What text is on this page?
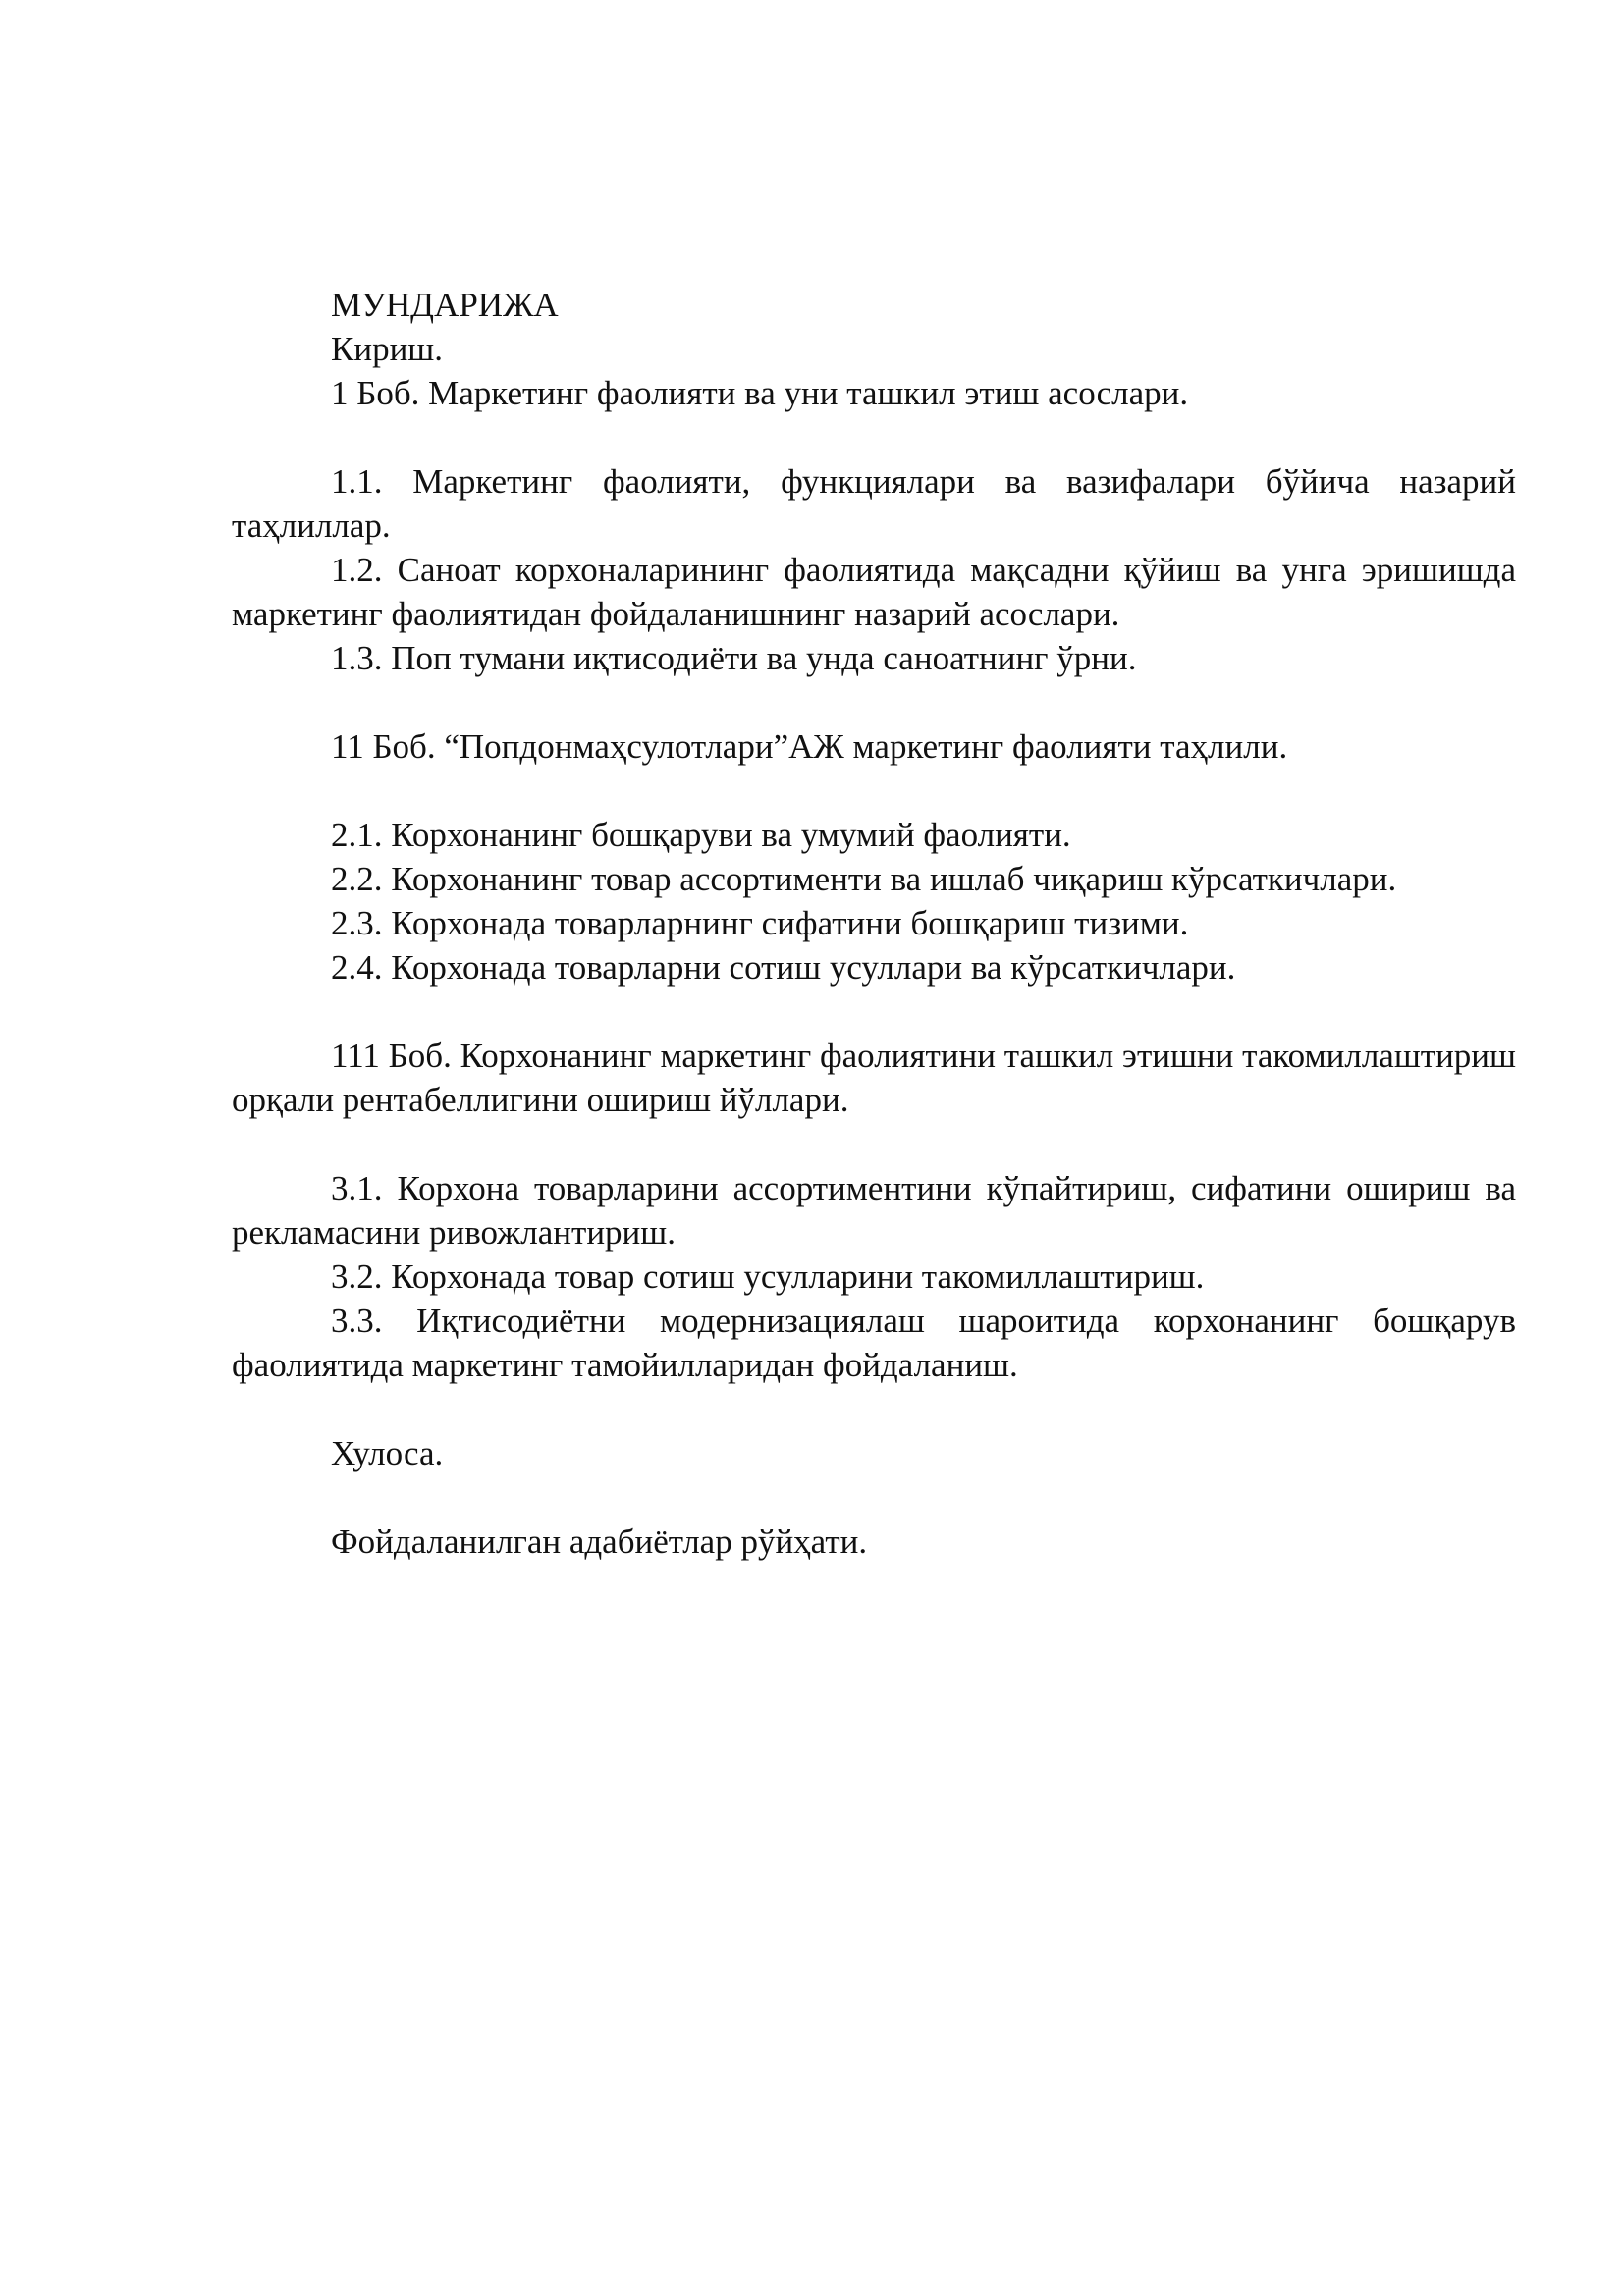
МУНДАРИЖА

Кириш.

1 Боб. Маркетинг фаолияти ва уни ташкил этиш асослари.

1.1. Маркетинг фаолияти, функциялари ва вазифалари бўйича назарий таҳлиллар.

1.2. Саноат корхоналарининг фаолиятида мақсадни қўйиш ва унга эришишда маркетинг фаолиятидан фойдаланишнинг назарий асослари.

1.3. Поп тумани иқтисодиёти ва унда саноатнинг ўрни.

11 Боб. “Попдонмаҳсулотлари”АЖ маркетинг фаолияти таҳлили.

2.1. Корхонанинг бошқаруви ва умумий фаолияти.

2.2. Корхонанинг товар ассортименти ва ишлаб чиқариш кўрсаткичлари.

2.3. Корхонада товарларнинг сифатини бошқариш тизими.

2.4. Корхонада товарларни сотиш усуллари ва кўрсаткичлари.

111 Боб. Корхонанинг маркетинг фаолиятини ташкил этишни такомиллаштириш орқали рентабеллигини ошириш йўллари.

3.1. Корхона товарларини ассортиментини кўпайтириш, сифатини ошириш ва рекламасини ривожлантириш.

3.2. Корхонада товар сотиш усулларини такомиллаштириш.

3.3. Иқтисодиётни модернизациялаш шароитида корхонанинг бошқарув фаолиятида маркетинг тамойилларидан фойдаланиш.

Хулоса.

Фойдаланилган адабиётлар рўйҳати.
